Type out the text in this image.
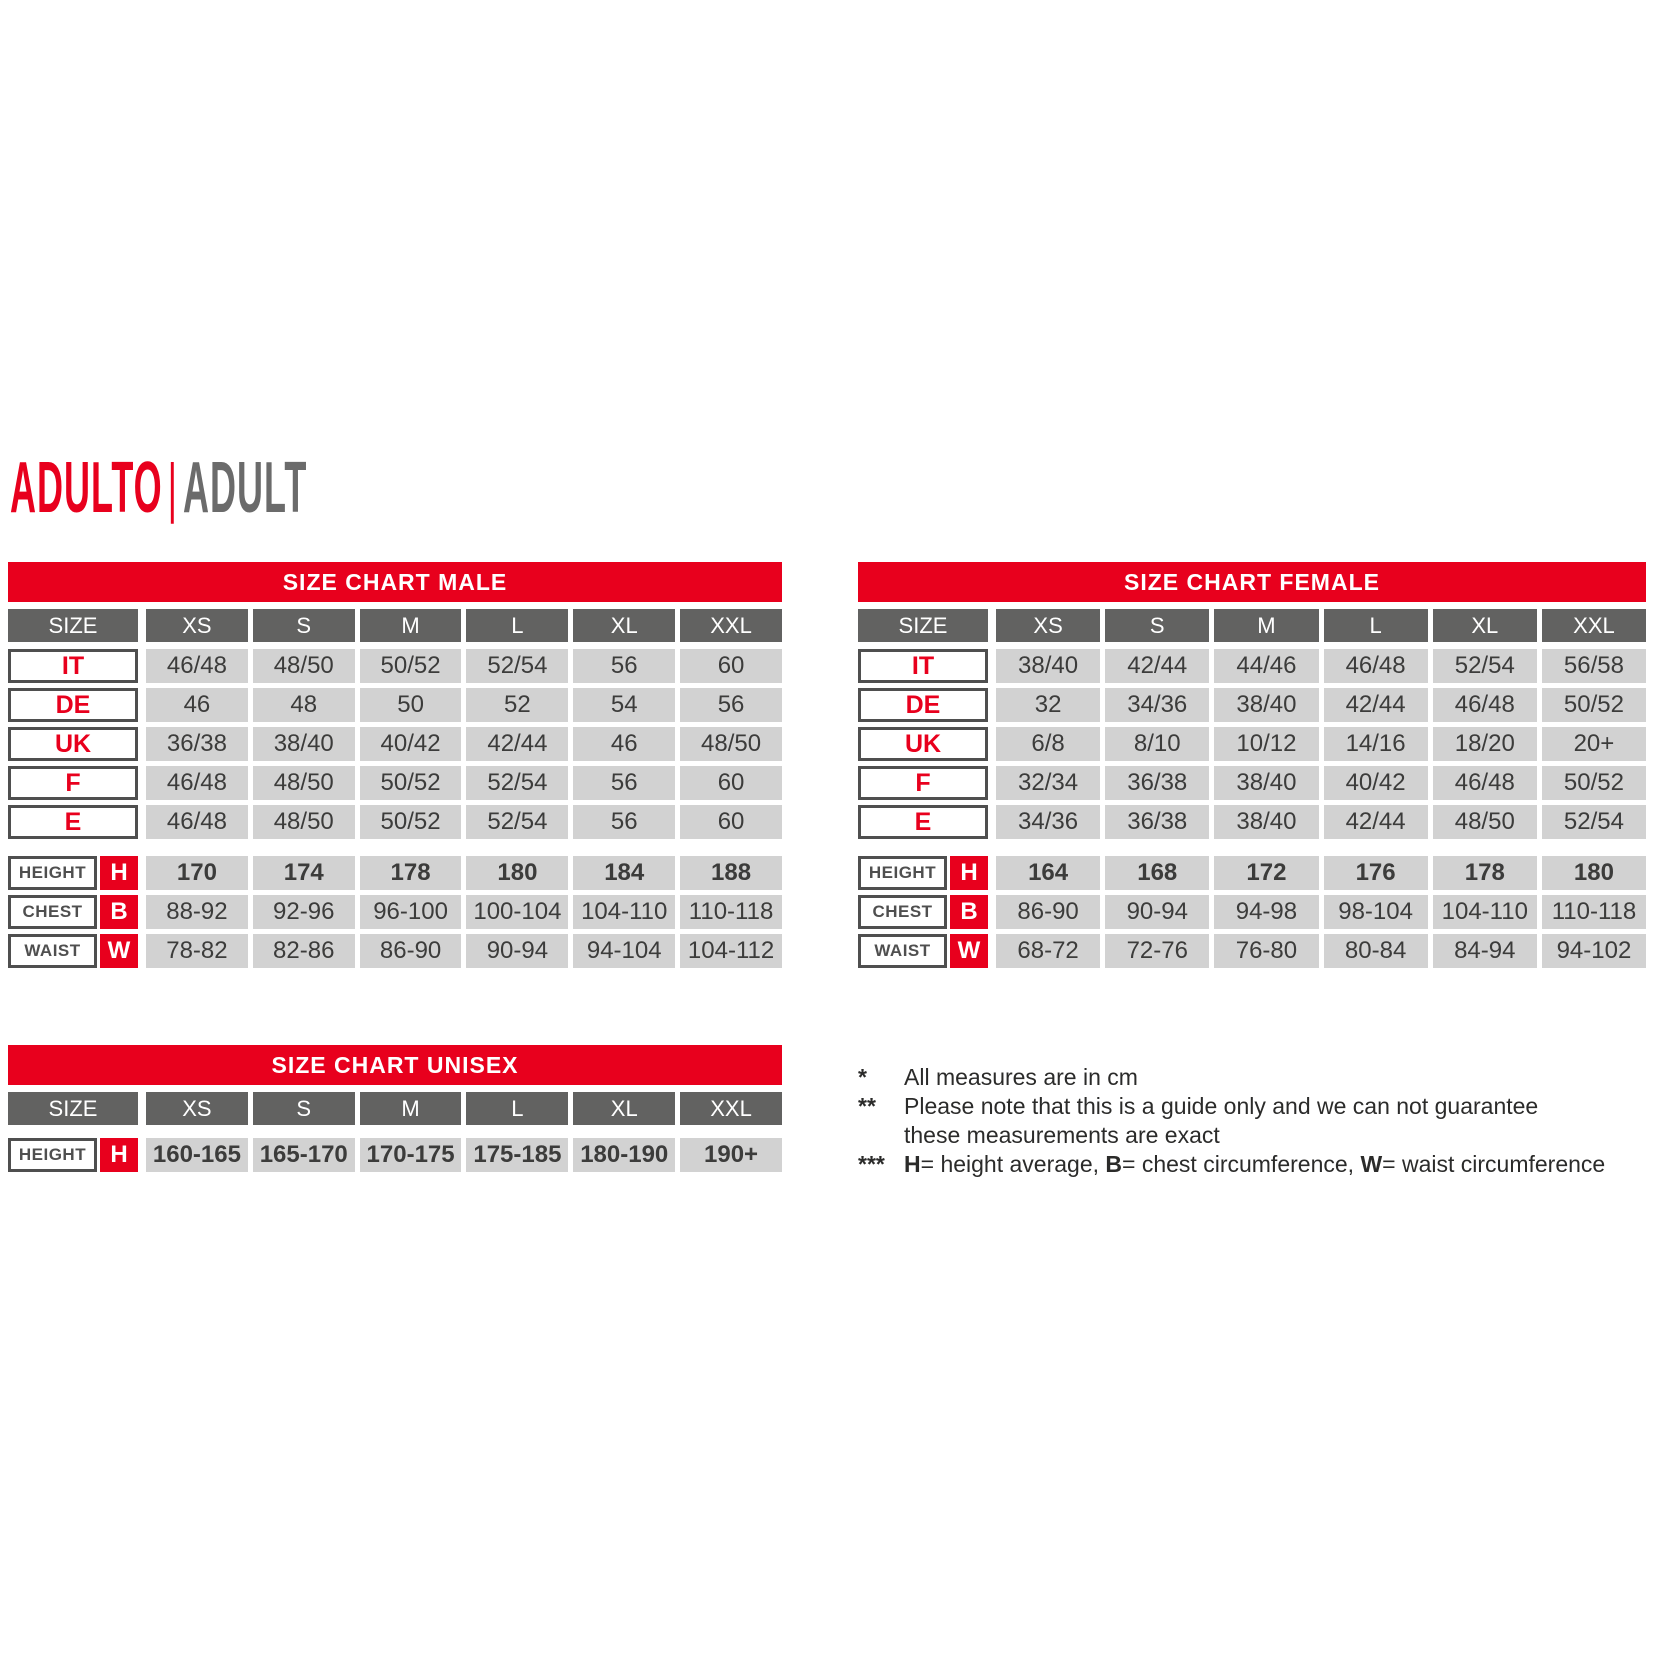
ADULTO|ADULT
SIZE CHART MALE
SIZE	XS	S	M	L	XL	XXL
IT	46/48	48/50	50/52	52/54	56	60
DE	46	48	50	52	54	56
UK	36/38	38/40	40/42	42/44	46	48/50
F	46/48	48/50	50/52	52/54	56	60
E	46/48	48/50	50/52	52/54	56	60
HEIGHT	H	170	174	178	180	184	188
CHEST	B	88-92	92-96	96-100	100-104 104-110 110-118
WAIST	W	78-82	82-86	86-90	90-94	94-104	104-112
SIZE CHART FEMALE
SIZE	XS	S	M	L	XL	XXL
IT	38/40	42/44	44/46	46/48	52/54	56/58
DE	32	34/36	38/40	42/44	46/48	50/52
UK	6/8	8/10	10/12	14/16	18/20	20+
F	32/34	36/38	38/40	40/42	46/48	50/52
E	34/36	36/38	38/40	42/44	48/50	52/54
HEIGHT	H	164	168	172	176	178	180
CHEST	B	86-90	90-94	94-98	98-104	104-110 110-118
WAIST	W	68-72	72-76	76-80	80-84	84-94	94-102
SIZE CHART UNISEX
SIZE	XS	S	M	L	XL	XXL
HEIGHT	H	160-165 165-170 170-175 175-185 180-190	190+
*	All measures are in cm
**	Please note that this is a guide only and we can not guarantee
these measurements are exact
*** H= height average, B= chest circumference, W= waist circumference
